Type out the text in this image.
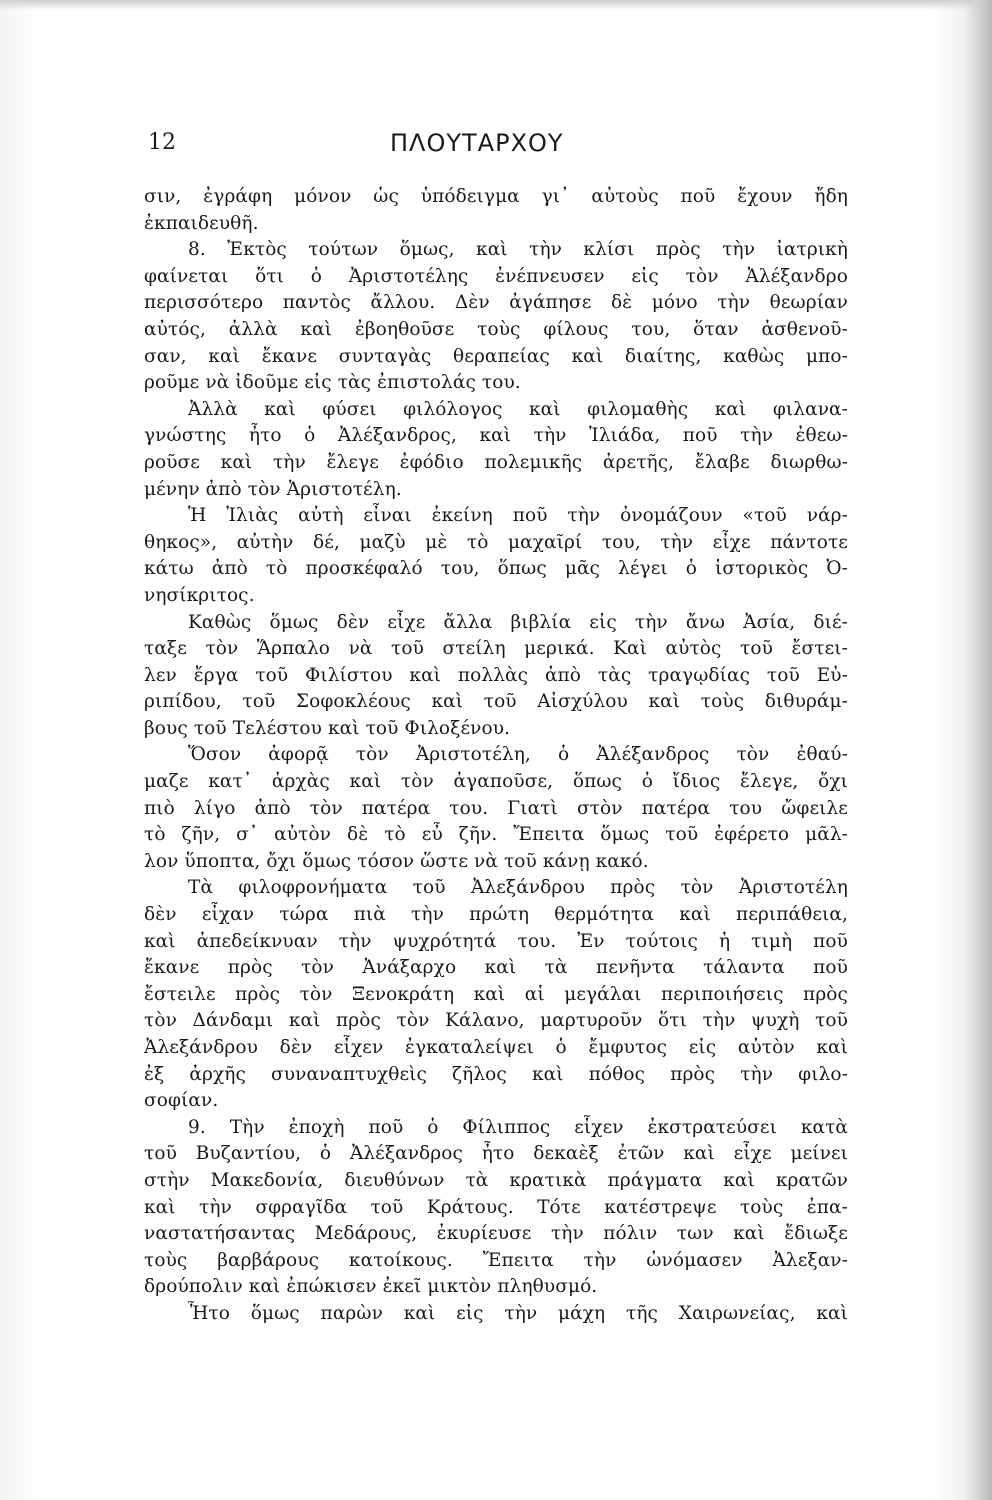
12	ΠΛΟΥΤΑΡΧΟΥ
σιν, ἐγράφη μόνον ὡς ὑπόδειγμα γι᾽ αὐτοὺς ποῦ ἔχουν ἤδη
ἐκπαιδευθῆ.
8. Ἐκτὸς τούτων ὅμως, καὶ τὴν κλίσι πρὸς τὴν ἰατρικὴ
φαίνεται ὅτι ὁ Ἀριστοτέλης ἐνέπνευσεν εἰς τὸν Ἀλέξανδρο
περισσότερο παντὸς ἄλλου. Δὲν ἀγάπησε δὲ μόνο τὴν θεωρίαν
αὐτός, ἀλλὰ καὶ ἐβοηθοῦσε τοὺς φίλους του, ὅταν ἀσθενοῦ-
σαν, καὶ ἔκανε συνταγὰς θεραπείας καὶ διαίτης, καθὼς μπο-
ροῦμε νὰ ἰδοῦμε εἰς τὰς ἐπιστολάς του.
Ἀλλὰ καὶ φύσει φιλόλογος καὶ φιλομαθὴς καὶ φιλανα-
γνώστης ἦτο ὁ Ἀλέξανδρος, καὶ τὴν Ἰλιάδα, ποῦ τὴν ἐθεω-
ροῦσε καὶ τὴν ἔλεγε ἐφόδιο πολεμικῆς ἀρετῆς, ἔλαβε διωρθω-
μένην ἀπὸ τὸν Ἀριστοτέλη.
Ἡ Ἰλιὰς αὐτὴ εἶναι ἐκείνη ποῦ τὴν ὀνομάζουν «τοῦ νάρ-
θηκος», αὐτὴν δέ, μαζὺ μὲ τὸ μαχαῖρί του, τὴν εἶχε πάντοτε
κάτω ἀπὸ τὸ προσκέφαλό του, ὅπως μᾶς λέγει ὁ ἱστορικὸς Ὀ-
νησίκριτος.
Καθὼς ὅμως δὲν εἶχε ἄλλα βιβλία εἰς τὴν ἄνω Ἀσία, διέ-
ταξε τὸν Ἅρπαλο νὰ τοῦ στείλη μερικά. Καὶ αὐτὸς τοῦ ἔστει-
λεν ἔργα τοῦ Φιλίστου καὶ πολλὰς ἀπὸ τὰς τραγῳδίας τοῦ Εὐ-
ριπίδου, τοῦ Σοφοκλέους καὶ τοῦ Αἰσχύλου καὶ τοὺς διθυράμ-
βους τοῦ Τελέστου καὶ τοῦ Φιλοξένου.
Ὅσον ἀφορᾷ τὸν Ἀριστοτέλη, ὁ Ἀλέξανδρος τὸν ἐθαύ-
μαζε κατ᾽ ἀρχὰς καὶ τὸν ἀγαποῦσε, ὅπως ὁ ἴδιος ἔλεγε, ὄχι
πιὸ λίγο ἀπὸ τὸν πατέρα του. Γιατὶ στὸν πατέρα του ὤφειλε
τὸ ζῆν, σ᾽ αὐτὸν δὲ τὸ εὖ ζῆν. Ἔπειτα ὅμως τοῦ ἐφέρετο μᾶλ-
λον ὕποπτα, ὄχι ὅμως τόσον ὥστε νὰ τοῦ κάνῃ κακό.
Τὰ φιλοφρονήματα τοῦ Ἀλεξάνδρου πρὸς τὸν Ἀριστοτέλη
δὲν εἶχαν τώρα πιὰ τὴν πρώτη θερμότητα καὶ περιπάθεια,
καὶ ἀπεδείκνυαν τὴν ψυχρότητά του. Ἐν τούτοις ἡ τιμὴ ποῦ
ἔκανε πρὸς τὸν Ἀνάξαρχο καὶ τὰ πενῆντα τάλαντα ποῦ
ἔστειλε πρὸς τὸν Ξενοκράτη καὶ αἱ μεγάλαι περιποιήσεις πρὸς
τὸν Δάνδαμι καὶ πρὸς τὸν Κάλανο, μαρτυροῦν ὅτι τὴν ψυχὴ τοῦ
Ἀλεξάνδρου δὲν εἶχεν ἐγκαταλείψει ὁ ἔμφυτος εἰς αὐτὸν καὶ
ἐξ ἀρχῆς συναναπτυχθεὶς ζῆλος καὶ πόθος πρὸς τὴν φιλο-
σοφίαν.
9. Τὴν ἐποχὴ ποῦ ὁ Φίλιππος εἶχεν ἐκστρατεύσει κατὰ
τοῦ Βυζαντίου, ὁ Ἀλέξανδρος ἦτο δεκαὲξ ἐτῶν καὶ εἶχε μείνει
στὴν Μακεδονία, διευθύνων τὰ κρατικὰ πράγματα καὶ κρατῶν
καὶ τὴν σφραγῖδα τοῦ Κράτους. Τότε κατέστρεψε τοὺς ἐπα-
ναστατήσαντας Μεδάρους, ἐκυρίευσε τὴν πόλιν των καὶ ἔδιωξε
τοὺς βαρβάρους κατοίκους. Ἔπειτα τὴν ὠνόμασεν Ἀλεξαν-
δρούπολιν καὶ ἐπώκισεν ἐκεῖ μικτὸν πληθυσμό.
Ἦτο ὅμως παρὼν καὶ εἰς τὴν μάχη τῆς Χαιρωνείας, καὶ
